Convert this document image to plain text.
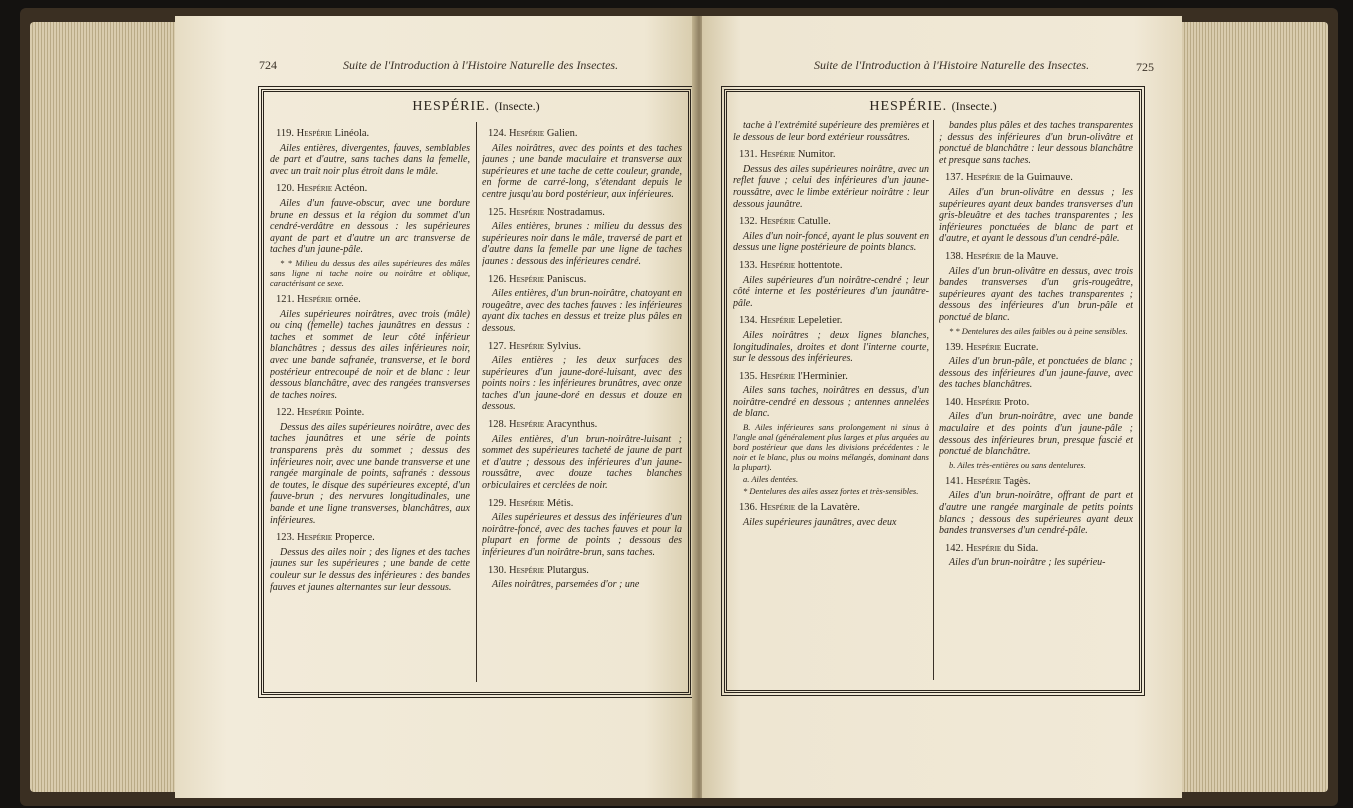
724	Suite de l'Introduction à l'Histoire Naturelle des Insectes.
HESPÉRIE. (Insecte.)
119. Hespérie Linéola.

Ailes entières, divergentes, fauves, semblables de part et d'autre, sans taches dans la femelle, avec un trait noir plus étroit dans le mâle.

120. Hespérie Actéon.

Ailes d'un fauve-obscur, avec une bordure brune en dessus et la région du sommet d'un cendré-verdâtre en dessous : les supérieures ayant de part et d'autre un arc transverse de taches d'un jaune-pâle.

* * Milieu du dessus des ailes supérieures des mâles sans ligne ni tache noire ou noirâtre et oblique, caractérisant ce sexe.

121. Hespérie ornée.

Ailes supérieures noirâtres, avec trois (mâle) ou cinq (femelle) taches jaunâtres en dessus : taches et sommet de leur côté inférieur blanchâtres ; dessus des ailes inférieures noir, avec une bande safranée, transverse, et le bord postérieur entrecoupé de noir et de blanc : leur dessous blanchâtre, avec des rangées transverses de taches noires.

122. Hespérie Pointe.

Dessus des ailes supérieures noirâtre, avec des taches jaunâtres et une série de points transparens près du sommet ; dessus des inférieures noir, avec une bande transverse et une rangée marginale de points, safranés : dessous de toutes, le disque des supérieures excepté, d'un fauve-brun ; des nervures longitudinales, une bande et une ligne transverses, blanchâtres, aux inférieures.

123. Hespérie Properce.

Dessus des ailes noir ; des lignes et des taches jaunes sur les supérieures ; une bande de cette couleur sur le dessus des inférieures : des bandes fauves et jaunes alternantes sur leur dessous.

124. Hespérie Galien.

Ailes noirâtres, avec des points et des taches jaunes ; une bande maculaire et transverse aux supérieures et une tache de cette couleur, grande, en forme de carré-long, s'étendant depuis le centre jusqu'au bord postérieur, aux inférieures.

125. Hespérie Nostradamus.

Ailes entières, brunes : milieu du dessus des supérieures noir dans le mâle, traversé de part et d'autre dans la femelle par une ligne de taches jaunes : dessous des inférieures cendré.

126. Hespérie Paniscus.

Ailes entières, d'un brun-noirâtre, chatoyant en rougeâtre, avec des taches fauves : les inférieures ayant dix taches en dessus et treize plus pâles en dessous.

127. Hespérie Sylvius.

Ailes entières ; les deux surfaces des supérieures d'un jaune-doré-luisant, avec des points noirs : les inférieures brunâtres, avec onze taches d'un jaune-doré en dessus et douze en dessous.

128. Hespérie Aracynthus.

Ailes entières, d'un brun-noirâtre-luisant ; sommet des supérieures tacheté de jaune de part et d'autre ; dessous des inférieures d'un jaune-roussâtre, avec douze taches blanches orbiculaires et cerclées de noir.

129. Hespérie Métis.

Ailes supérieures et dessus des inférieures d'un noirâtre-foncé, avec des taches fauves et pour la plupart en forme de points ; dessous des inférieures d'un noirâtre-brun, sans taches.

130. Hespérie Plutargus.

Ailes noirâtres, parsemées d'or ; une

Suite de l'Introduction à l'Histoire Naturelle des Insectes.	725
HESPÉRIE. (Insecte.)

tache à l'extrémité supérieure des premières et le dessous de leur bord extérieur roussâtres.

131. Hespérie Numitor.

Dessus des ailes supérieures noirâtre, avec un reflet fauve ; celui des inférieures d'un jaune-roussâtre, avec le limbe extérieur noirâtre : leur dessous jaunâtre.

132. Hespérie Catulle.

Ailes d'un noir-foncé, ayant le plus souvent en dessus une ligne postérieure de points blancs.

133. Hespérie hottentote.

Ailes supérieures d'un noirâtre-cendré ; leur côté interne et les postérieures d'un jaunâtre-pâle.

134. Hespérie Lepeletier.

Ailes noirâtres ; deux lignes blanches, longitudinales, droites et dont l'interne courte, sur le dessous des inférieures.

135. Hespérie l'Herminier.

Ailes sans taches, noirâtres en dessus, d'un noirâtre-cendré en dessous ; antennes annelées de blanc.

B. Ailes inférieures sans prolongement ni sinus à l'angle anal (généralement plus larges et plus arquées au bord postérieur que dans les divisions précédentes : le noir et le blanc, plus ou moins mélangés, dominant dans la plupart).

a. Ailes dentées.

* Dentelures des ailes assez fortes et très-sensibles.

136. Hespérie de la Lavatère.

Ailes supérieures jaunâtres, avec deux

bandes plus pâles et des taches transparentes ; dessus des inférieures d'un brun-olivâtre et ponctué de blanchâtre : leur dessous blanchâtre et presque sans taches.

137. Hespérie de la Guimauve.

Ailes d'un brun-olivâtre en dessus ; les supérieures ayant deux bandes transverses d'un gris-bleuâtre et des taches transparentes ; les inférieures ponctuées de blanc de part et d'autre, et ayant le dessous d'un cendré-pâle.

138. Hespérie de la Mauve.

Ailes d'un brun-olivâtre en dessus, avec trois bandes transverses d'un gris-rougeâtre, supérieures ayant des taches transparentes ; dessous des inférieures d'un brun-pâle et ponctué de blanc.

* * Dentelures des ailes faibles ou à peine sensibles.

139. Hespérie Eucrate.

Ailes d'un brun-pâle, et ponctuées de blanc ; dessous des inférieures d'un jaune-fauve, avec des taches blanchâtres.

140. Hespérie Proto.

Ailes d'un brun-noirâtre, avec une bande maculaire et des points d'un jaune-pâle ; dessous des inférieures brun, presque fascié et ponctué de blanchâtre.

b. Ailes très-entières ou sans dentelures.

141. Hespérie Tagès.

Ailes d'un brun-noirâtre, offrant de part et d'autre une rangée marginale de petits points blancs ; dessous des supérieures ayant deux bandes transverses d'un cendré-pâle.

142. Hespérie du Sida.

Ailes d'un brun-noirâtre ; les supérieu-
